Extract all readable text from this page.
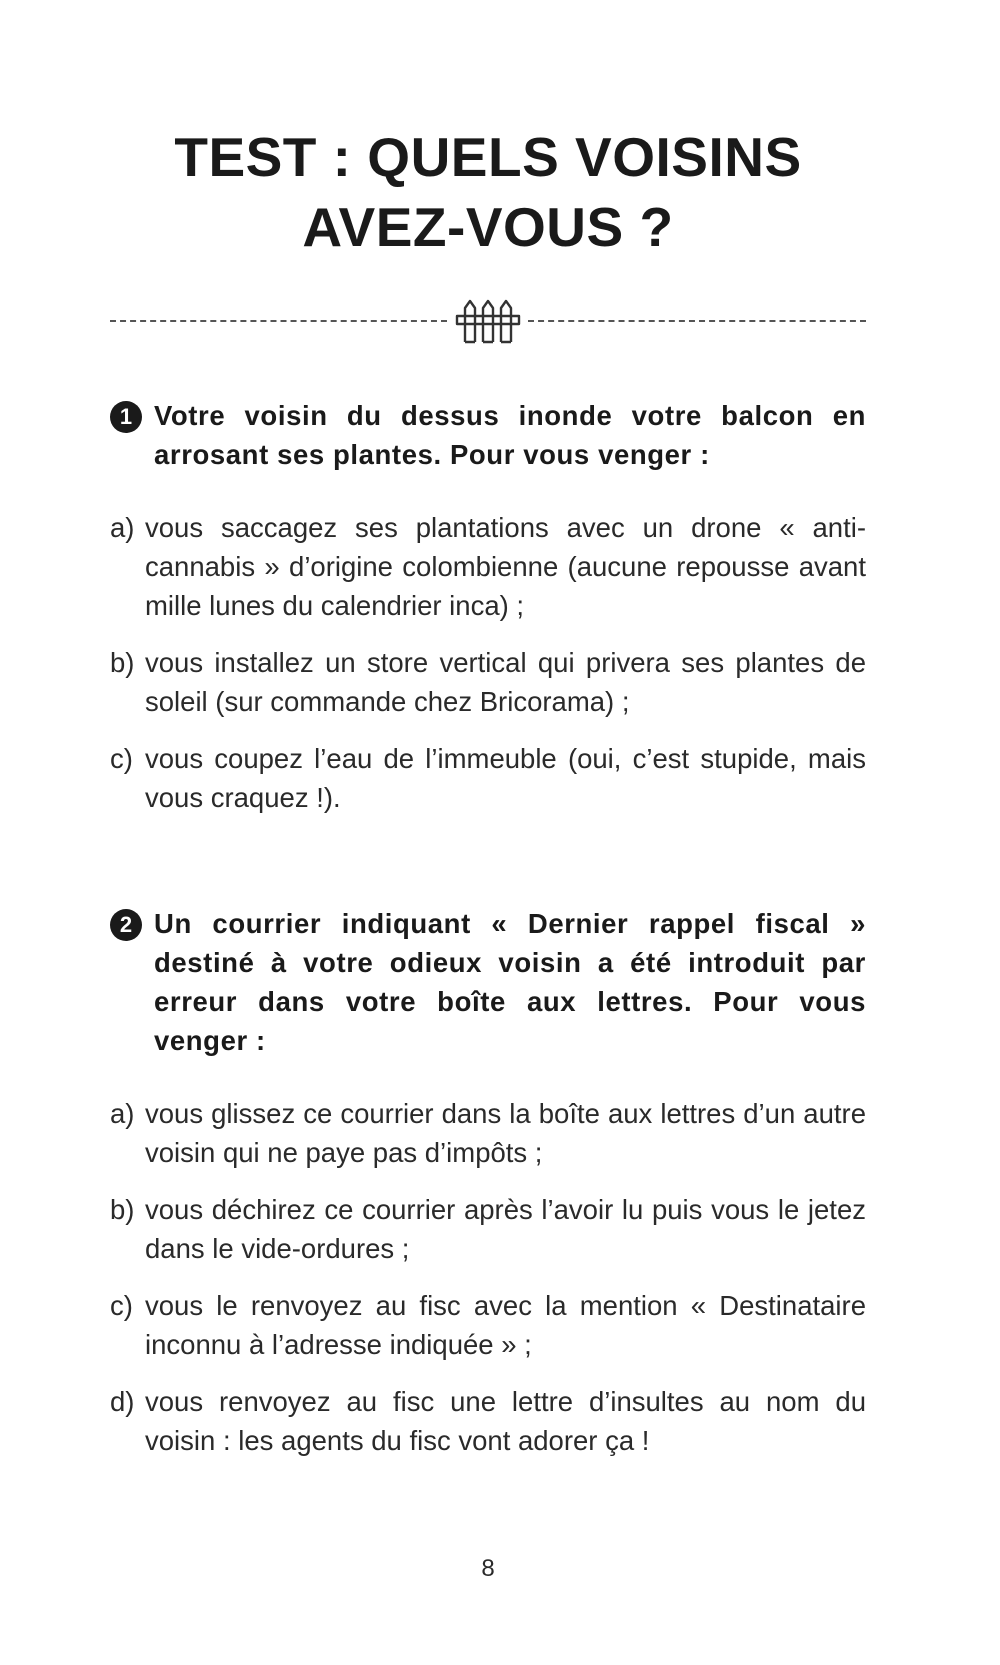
TEST : QUELS VOISINS
AVEZ-VOUS ?

1 Votre voisin du dessus inonde votre balcon en arrosant ses plantes. Pour vous venger :

a) vous saccagez ses plantations avec un drone « anti-cannabis » d’origine colombienne (aucune repousse avant mille lunes du calendrier inca) ;
b) vous installez un store vertical qui privera ses plantes de soleil (sur commande chez Bricorama) ;
c) vous coupez l’eau de l’immeuble (oui, c’est stupide, mais vous craquez !).

2 Un courrier indiquant « Dernier rappel fiscal » destiné à votre odieux voisin a été introduit par erreur dans votre boîte aux lettres. Pour vous venger :

a) vous glissez ce courrier dans la boîte aux lettres d’un autre voisin qui ne paye pas d’impôts ;
b) vous déchirez ce courrier après l’avoir lu puis vous le jetez dans le vide-ordures ;
c) vous le renvoyez au fisc avec la mention « Destinataire inconnu à l’adresse indiquée » ;
d) vous renvoyez au fisc une lettre d’insultes au nom du voisin : les agents du fisc vont adorer ça !
8
